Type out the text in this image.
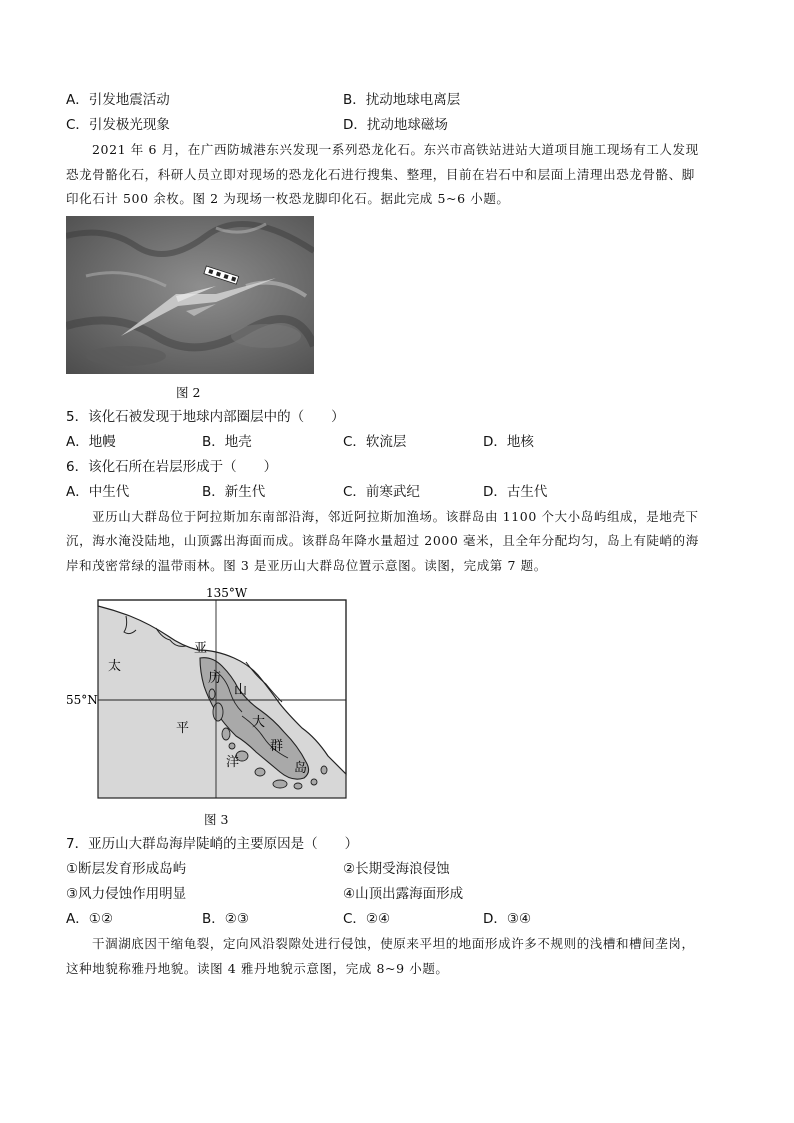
A．引发地震活动	B．扰动地球电离层
C．引发极光现象	D．扰动地球磁场
2021 年 6 月，在广西防城港东兴发现一系列恐龙化石。东兴市高铁站进站大道项目施工现场有工人发现
恐龙骨骼化石，科研人员立即对现场的恐龙化石进行搜集、整理，目前在岩石中和层面上清理出恐龙骨骼、脚
印化石计 500 余枚。图 2 为现场一枚恐龙脚印化石。据此完成 5~6 小题。
图 2
5．该化石被发现于地球内部圈层中的（　　）
A．地幔	B．地壳	C．软流层	D．地核
6．该化石所在岩层形成于（　　）
A．中生代	B．新生代	C．前寒武纪	D．古生代
亚历山大群岛位于阿拉斯加东南部沿海，邻近阿拉斯加渔场。该群岛由 1100 个大小岛屿组成，是地壳下
沉，海水淹没陆地，山顶露出海面而成。该群岛年降水量超过 2000 毫米，且全年分配均匀，岛上有陡峭的海
岸和茂密常绿的温带雨林。图 3 是亚历山大群岛位置示意图。读图，完成第 7 题。
135°W
55°N
太
平
洋
亚
历
山
大
群
岛
图 3
7．亚历山大群岛海岸陡峭的主要原因是（　　）
①断层发育形成岛屿	②长期受海浪侵蚀
③风力侵蚀作用明显	④山顶出露海面形成
A．①②	B．②③	C．②④	D．③④
干涸湖底因干缩龟裂，定向风沿裂隙处进行侵蚀，使原来平坦的地面形成许多不规则的浅槽和槽间垄岗，
这种地貌称雅丹地貌。读图 4 雅丹地貌示意图，完成 8~9 小题。
